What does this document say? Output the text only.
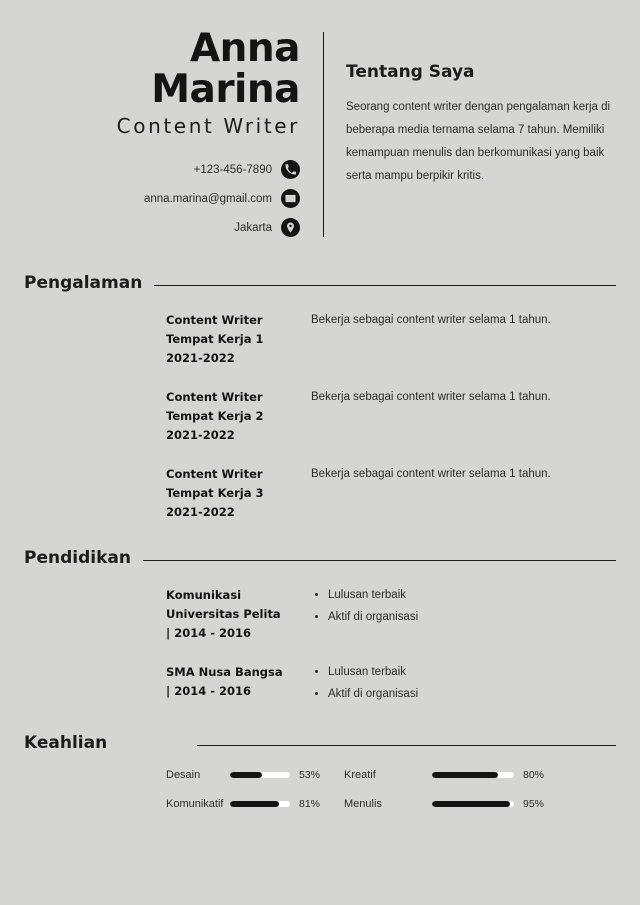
Anna
Marina
Content Writer
+123-456-7890
anna.marina@gmail.com
Jakarta
Tentang Saya
Seorang content writer dengan pengalaman kerja di beberapa media ternama selama 7 tahun. Memiliki kemampuan menulis dan berkomunikasi yang baik serta mampu berpikir kritis.
Pengalaman
Content Writer
Tempat Kerja 1
2021-2022
Bekerja sebagai content writer selama 1 tahun.
Content Writer
Tempat Kerja 2
2021-2022
Bekerja sebagai content writer selama 1 tahun.
Content Writer
Tempat Kerja 3
2021-2022
Bekerja sebagai content writer selama 1 tahun.
Pendidikan
Komunikasi
Universitas Pelita
| 2014 - 2016
• Lulusan terbaik
• Aktif di organisasi
SMA Nusa Bangsa
| 2014 - 2016
• Lulusan terbaik
• Aktif di organisasi
Keahlian
Desain	53%
Komunikatif	81%
Kreatif	80%
Menulis	95%
